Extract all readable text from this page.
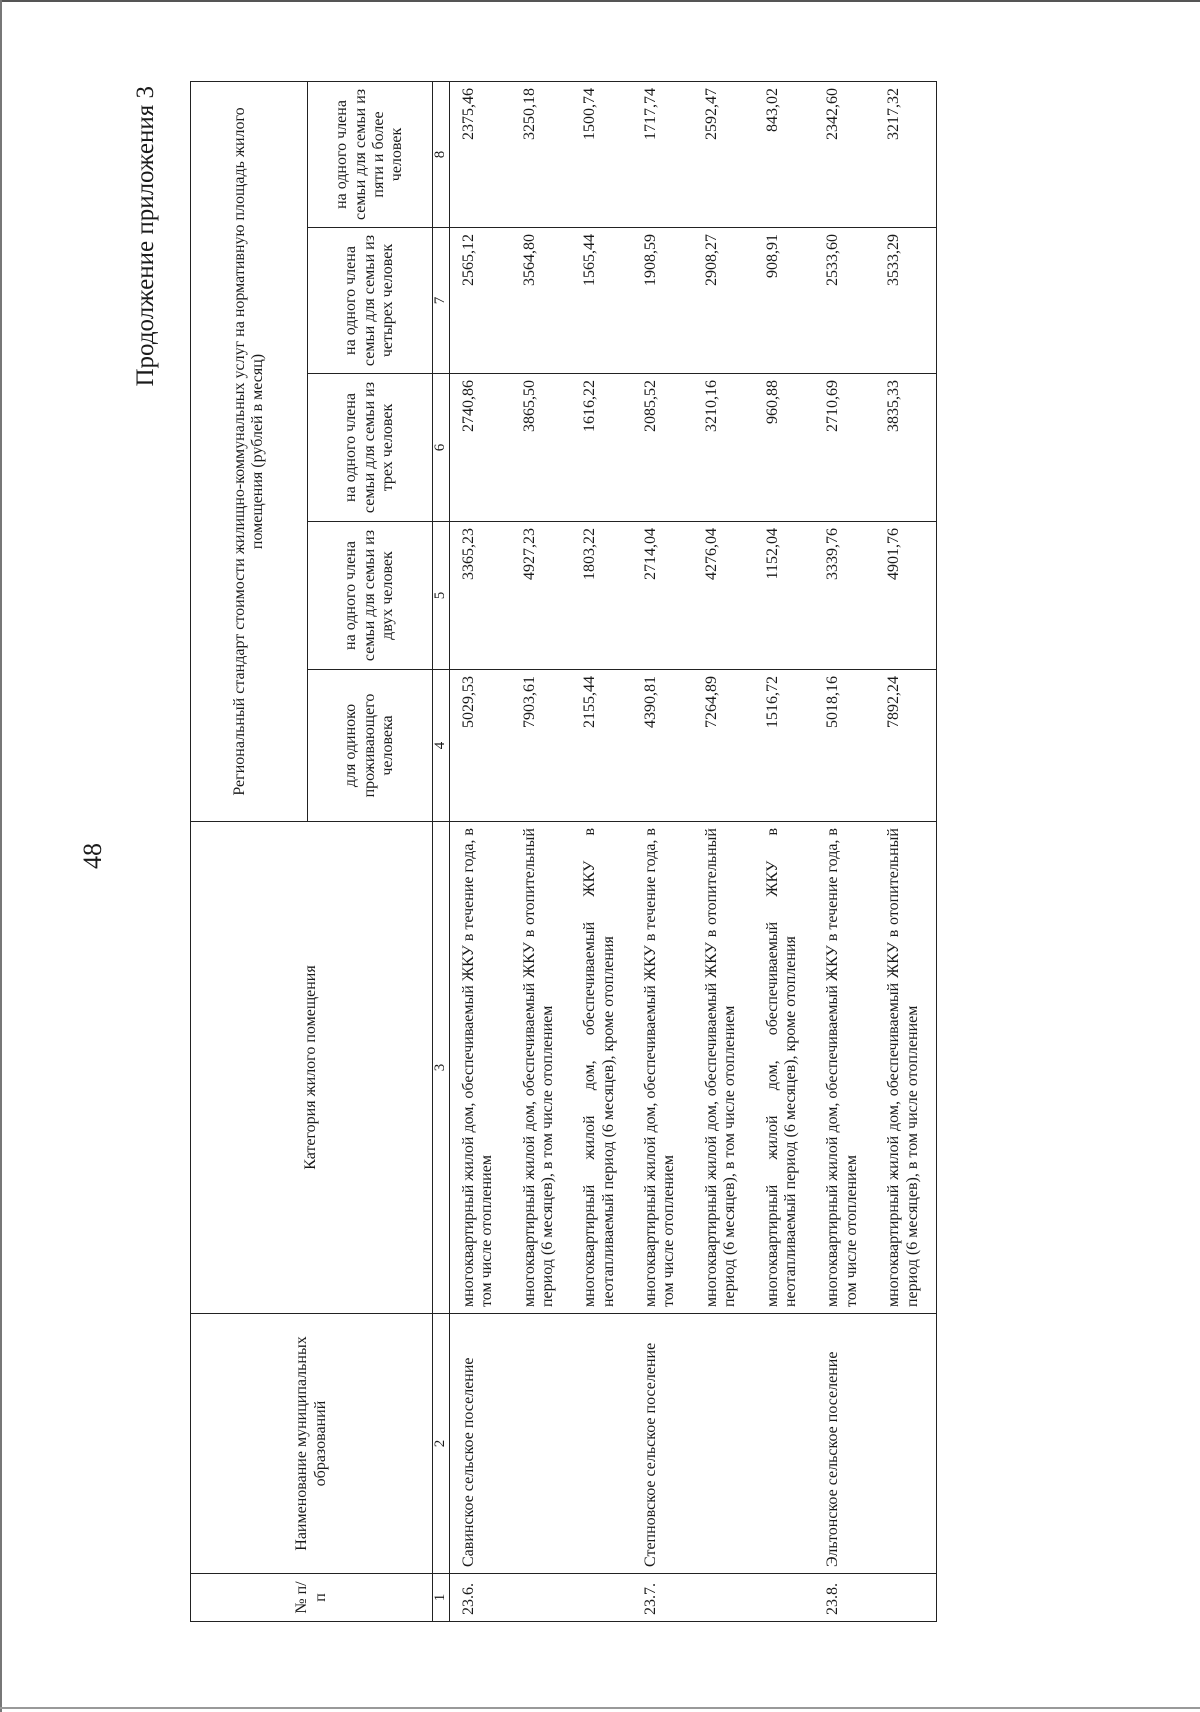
48
Продолжение приложения 3
№ п/п	Наименование муниципальных образований	Категория жилого помещения	Региональный стандарт стоимости жилищно-коммунальных услуг на нормативную площадь жилого помещения (рублей в месяц)				
			для одиноко проживающего человека	на одного члена семьи для семьи из двух человек	на одного члена семьи для семьи из трех человек	на одного члена семьи для семьи из четырех человек	на одного члена семьи для семьи из пяти и более человек
1	2	3	4	5	6	7	8
23.6.	Савинское сельское поселение	многоквартирный жилой дом, обеспечиваемый ЖКУ в течение года, в том числе отоплением	5029,53	3365,23	2740,86	2565,12	2375,46
		многоквартирный жилой дом, обеспечиваемый ЖКУ в отопительный период (6 месяцев), в том числе отоплением	7903,61	4927,23	3865,50	3564,80	3250,18
		многоквартирный жилой дом, обеспечиваемый ЖКУ в неотапливаемый период (6 месяцев), кроме отопления	2155,44	1803,22	1616,22	1565,44	1500,74
23.7.	Степновское сельское поселение	многоквартирный жилой дом, обеспечиваемый ЖКУ в течение года, в том числе отоплением	4390,81	2714,04	2085,52	1908,59	1717,74
		многоквартирный жилой дом, обеспечиваемый ЖКУ в отопительный период (6 месяцев), в том числе отоплением	7264,89	4276,04	3210,16	2908,27	2592,47
		многоквартирный жилой дом, обеспечиваемый ЖКУ в неотапливаемый период (6 месяцев), кроме отопления	1516,72	1152,04	960,88	908,91	843,02
23.8.	Эльтонское сельское поселение	многоквартирный жилой дом, обеспечиваемый ЖКУ в течение года, в том числе отоплением	5018,16	3339,76	2710,69	2533,60	2342,60
		многоквартирный жилой дом, обеспечиваемый ЖКУ в отопительный период (6 месяцев), в том числе отоплением	7892,24	4901,76	3835,33	3533,29	3217,32
